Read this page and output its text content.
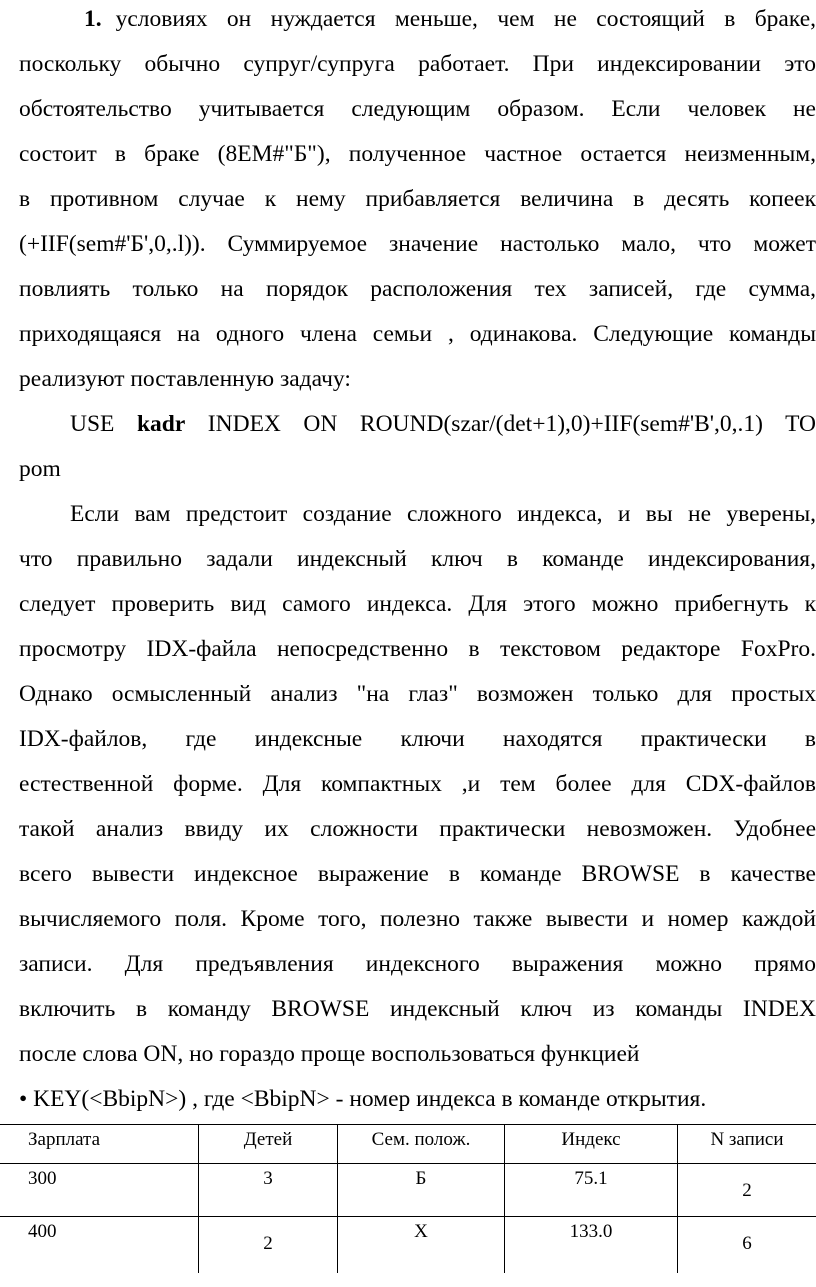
1. условиях он нуждается меньше, чем не состоящий в браке,
поскольку обычно супруг/супруга работает. При индексировании это
обстоятельство учитывается следующим образом. Если человек не
состоит в браке (8ЕМ#"Б"), полученное частное остается неизменным,
в противном случае к нему прибавляется величина в десять копеек
(+IIF(sem#'Б',0,.l)). Суммируемое значение настолько мало, что может
повлиять только на порядок расположения тех записей, где сумма,
приходящаяся на одного члена семьи , одинакова. Следующие команды
реализуют поставленную задачу:
USE kadr INDEX ON ROUND(szar/(det+1),0)+IIF(sem#'В',0,.1) TO
pom
Если вам предстоит создание сложного индекса, и вы не уверены,
что правильно задали индексный ключ в команде индексирования,
следует проверить вид самого индекса. Для этого можно прибегнуть к
просмотру IDX-файла непосредственно в текстовом редакторе FoxPro.
Однако осмысленный анализ "на глаз" возможен только для простых
IDX-файлов, где индексные ключи находятся практически в
естественной форме. Для компактных ,и тем более для CDX-файлов
такой анализ ввиду их сложности практически невозможен. Удобнее
всего вывести индексное выражение в команде BROWSE в качестве
вычисляемого поля. Кроме того, полезно также вывести и номер каждой
записи. Для предъявления индексного выражения можно прямо
включить в команду BROWSE индексный ключ из команды INDEX
после слова ON, но гораздо проще воспользоваться функцией
• KEY(<BbipN>) , где <BbipN> - номер индекса в команде открытия.
Зарплата	Детей	Сем. полож.	Индекс	N записи
300	3	Б	75.1	2
400	2	Х	133.0	6
